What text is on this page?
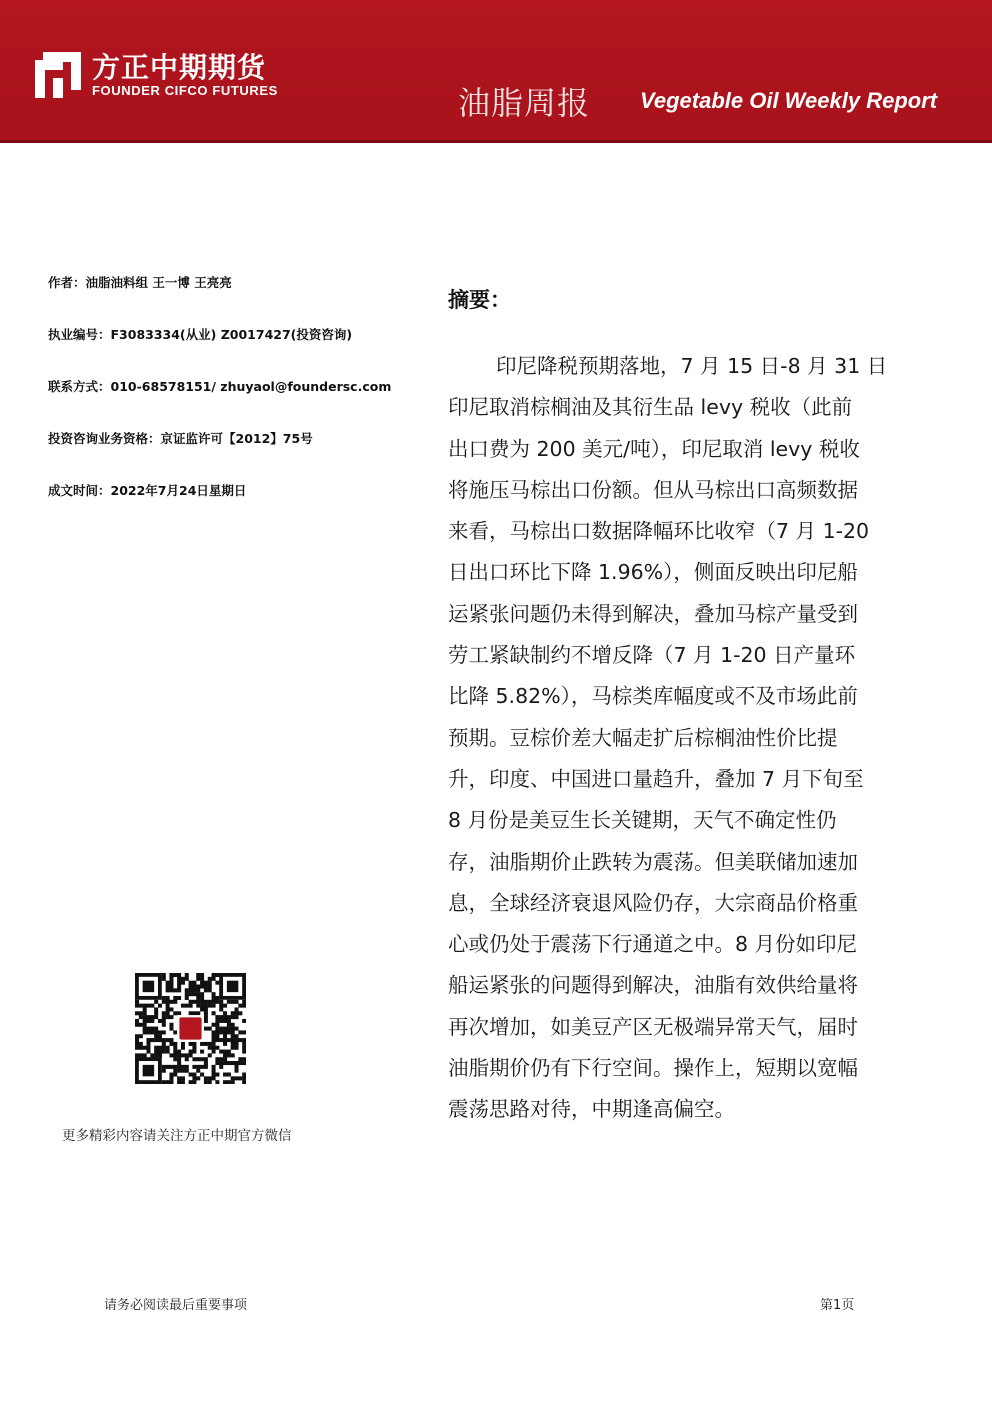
方正中期期货
FOUNDER CIFCO FUTURES	油脂周报 Vegetable Oil Weekly Report
作者：油脂油料组 王一博 王亮亮
执业编号：F3083334(从业) Z0017427(投资咨询)
联系方式：010-68578151/ zhuyaol@foundersc.com
投资咨询业务资格：京证监许可【2012】75号
成文时间：2022年7月24日星期日
摘要：
印尼降税预期落地，7 月 15 日-8 月 31 日
印尼取消棕榈油及其衍生品 levy 税收（此前
出口费为 200 美元/吨），印尼取消 levy 税收
将施压马棕出口份额。但从马棕出口高频数据
来看，马棕出口数据降幅环比收窄（7 月 1-20
日出口环比下降 1.96%），侧面反映出印尼船
运紧张问题仍未得到解决，叠加马棕产量受到
劳工紧缺制约不增反降（7 月 1-20 日产量环
比降 5.82%），马棕类库幅度或不及市场此前
预期。豆棕价差大幅走扩后棕榈油性价比提
升，印度、中国进口量趋升，叠加 7 月下旬至
8 月份是美豆生长关键期，天气不确定性仍
存，油脂期价止跌转为震荡。但美联储加速加
息，全球经济衰退风险仍存，大宗商品价格重
心或仍处于震荡下行通道之中。8 月份如印尼
船运紧张的问题得到解决，油脂有效供给量将
再次增加，如美豆产区无极端异常天气，届时
油脂期价仍有下行空间。操作上，短期以宽幅
震荡思路对待，中期逢高偏空。
更多精彩内容请关注方正中期官方微信
请务必阅读最后重要事项	第1页
